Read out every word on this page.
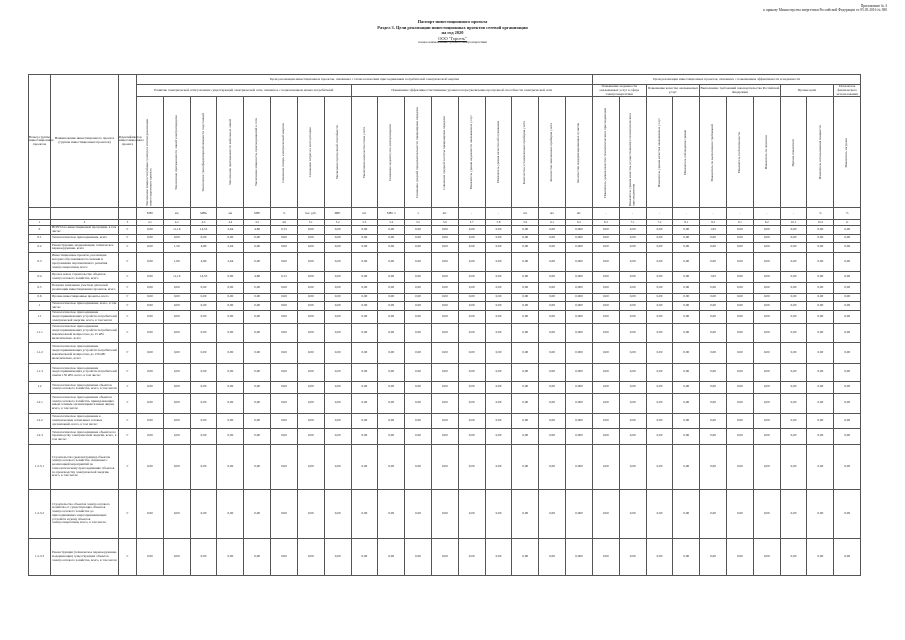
Приложение № 3
к приказу Министерства энергетики Российской Федерации от 05.05.2016 № 380
Паспорт инвестиционного проекта
Раздел 3. Цели реализации инвестиционных проектов сетевой организации
на год 2020
ООО "Горсеть"
полное наименование субъекта электроэнергетики
Номер группы инвестиционных проектов	Наименование инвестиционного проекта (группы инвестиционных проектов)	Идентификатор инвестиционного проекта	Цели реализации инвестиционных проектов, связанных с технологическим присоединением потребителей электрической энергии																	Цели реализации инвестиционных проектов, связанных с повышением эффективности и надежности									
			Развитие электрической сети/усиление существующей электрической сети, связанное с подключением новых потребителей								Повышение эффективности/снижение уровня потерь/увеличение пропускной способности электрической сети									Повышение надежности оказываемых услуг в сфере электроэнергетики		Повышение качества оказываемых услуг		Выполнение требований законодательства Российской Федерации			Прочие цели		Показатель фактического использования

			Увеличение мощности (общая сумма) по итогам реализации инвестиционного проекта	Увеличение протяженности линий электропередачи	Увеличение трансформаторной мощности подстанций	Увеличение протяженности кабельных линий	Увеличение мощности, присоединяемой к сети	Снижение потерь электрической энергии	Снижение затрат на эксплуатацию	Увеличение пропускной способности	Увеличение количества точек учета	Снижение недоотпуска электроэнергии	Снижение средней продолжительности прекращения передачи	Снижение средней частоты прекращения передачи	Показатель уровня надежности оказываемых услуг	Показатель уровня качества обслуживания	Количество установленных приборов учета	Количество замененных приборов учета	Количество модернизированных пунктов	Показатель уровня качества технологического присоединения	Показатель уровня качества осуществляемого технологического присоединения	Показатель уровня качества оказываемых услуг	Показатель соблюдения сроков	Показатель по выполнению требований	Показатель по безопасности	Показатель по экологии	Прочие показатели	Показатель использования мощности	Показатель загрузки

			МВт	км	МВА	км	МВт	%	тыс. руб.	МВт	шт.	МВт·ч	ч	шт.	-	-	шт.	шт.	шт.	-	-	-	-	-	-	-	-	%	%
1	2	3	4.1	4.2	4.3	4.4	4.5	4.6	5.1	5.2	5.3	5.4	5.5	5.6	5.7	5.8	5.9	6.1	6.2	6.3	7.1	7.2	8.1	8.2	9.1	9.2	10.1	10.2	11
0	ВСЕГО по инвестиционной программе, в том числе:	Г	0,00	11,16	14,53	2,64	4,80	0,15	0,00	0,00	0,00	0,00	0,00	0,00	0,00	0,00	0,00	0,00	0,000	0,00	0,00	0,00	0,00	1,65	0,00	0,00	0,00	0,00	0,00
0.1	Технологическое присоединение, всего	Г	0,00	0,00	0,00	0,00	0,00	0,00	0,00	0,00	0,00	0,00	0,00	0,00	0,00	0,00	0,00	0,00	0,000	0,00	0,00	0,00	0,00	0,00	0,00	0,00	0,00	0,00	0,00
0.2	Реконструкция, модернизация, техническое перевооружение, всего	Г	0,00	1,50	4,80	2,64	0,00	0,00	0,00	0,00	0,00	0,00	0,00	0,00	0,00	0,00	0,00	0,00	0,000	0,00	0,00	0,00	0,00	0,00	0,00	0,00	0,00	0,00	0,00
0.3	Инвестиционные проекты, реализация которых обуславливается схемами и программами перспективного развития электроэнергетики, всего	Г	0,00	1,66	4,80	2,64	0,00	0,00	0,00	0,00	0,00	0,00	0,00	0,00	0,00	0,00	0,00	0,00	0,000	0,00	0,00	0,00	0,00	0,00	0,00	0,00	0,00	0,00	0,00
0.4	Прочее новое строительство объектов электросетевого хозяйства, всего	Г	0,00	11,16	14,53	0,00	4,80	0,15	0,00	0,00	0,00	0,00	0,00	0,00	0,00	0,00	0,00	0,00	0,000	0,00	0,00	0,00	0,00	1,65	0,00	0,00	0,00	0,00	0,00
0.5	Покупка земельных участков для целей реализации инвестиционных проектов, всего	Г	0,00	0,00	0,00	0,00	0,00	0,00	0,00	0,00	0,00	0,00	0,00	0,00	0,00	0,00	0,00	0,00	0,000	0,00	0,00	0,00	0,00	0,00	0,00	0,00	0,00	0,00	0,00
0.6	Прочие инвестиционные проекты, всего	Г	0,00	0,00	0,00	0,00	0,00	0,00	0,00	0,00	0,00	0,00	0,00	0,00	0,00	0,00	0,00	0,00	0,000	0,00	0,00	0,00	0,00	0,00	0,00	0,00	0,00	0,00	0,00
1	Технологическое присоединение, всего, в том числе:	Г	0,00	0,00	0,00	0,00	0,00	0,00	0,00	0,00	0,00	0,00	0,00	0,00	0,00	0,00	0,00	0,00	0,000	0,00	0,00	0,00	0,00	0,00	0,00	0,00	0,00	0,00	0,00
1.1	Технологическое присоединение энергопринимающих устройств потребителей электрической энергии, всего, в том числе:	Г	0,00	0,00	0,00	0,00	0,00	0,00	0,00	0,00	0,00	0,00	0,00	0,00	0,00	0,00	0,00	0,00	0,000	0,00	0,00	0,00	0,00	0,00	0,00	0,00	0,00	0,00	0,00
1.1.1	Технологическое присоединение энергопринимающих устройств потребителей максимальной мощностью до 15 кВт включительно, всего	Г	0,00	0,00	0,00	0,00	0,00	0,00	0,00	0,00	0,00	0,00	0,00	0,00	0,00	0,00	0,00	0,00	0,000	0,00	0,00	0,00	0,00	0,00	0,00	0,00	0,00	0,00	0,00
1.1.2	Технологическое присоединение энергопринимающих устройств потребителей максимальной мощностью до 150 кВт включительно, всего	Г	0,00	0,00	0,00	0,00	0,00	0,00	0,00	0,00	0,00	0,00	0,00	0,00	0,00	0,00	0,00	0,00	0,000	0,00	0,00	0,00	0,00	0,00	0,00	0,00	0,00	0,00	0,00
1.1.3	Технологическое присоединение энергопринимающих устройств потребителей свыше 150 кВт, всего, в том числе:	Г	0,00	0,00	0,00	0,00	0,00	0,00	0,00	0,00	0,00	0,00	0,00	0,00	0,00	0,00	0,00	0,00	0,000	0,00	0,00	0,00	0,00	0,00	0,00	0,00	0,00	0,00	0,00
1.2	Технологическое присоединение объектов электросетевого хозяйства, всего, в том числе:	Г	0,00	0,00	0,00	0,00	0,00	0,00	0,00	0,00	0,00	0,00	0,00	0,00	0,00	0,00	0,00	0,00	0,000	0,00	0,00	0,00	0,00	0,00	0,00	0,00	0,00	0,00	0,00
1.2.1	Технологическое присоединение объектов электросетевого хозяйства, принадлежащих иным сетевым организациям и иным лицам, всего, в том числе:	Г	0,00	0,00	0,00	0,00	0,00	0,00	0,00	0,00	0,00	0,00	0,00	0,00	0,00	0,00	0,00	0,00	0,000	0,00	0,00	0,00	0,00	0,00	0,00	0,00	0,00	0,00	0,00
1.2.2	Технологическое присоединение к электрическим сетям иных сетевых организаций, всего, в том числе:	Г	0,00	0,00	0,00	0,00	0,00	0,00	0,00	0,00	0,00	0,00	0,00	0,00	0,00	0,00	0,00	0,00	0,000	0,00	0,00	0,00	0,00	0,00	0,00	0,00	0,00	0,00	0,00
1.2.3	Технологическое присоединение объектов по производству электрической энергии, всего, в том числе:	Г	0,00	0,00	0,00	0,00	0,00	0,00	0,00	0,00	0,00	0,00	0,00	0,00	0,00	0,00	0,00	0,00	0,000	0,00	0,00	0,00	0,00	0,00	0,00	0,00	0,00	0,00	0,00
1.2.3.1	Строительство (реконструкция) объектов электросетевого хозяйства, связанных с реализацией мероприятий по технологическому присоединению объектов по производству электрической энергии, всего, в том числе:	Г	0,00	0,00	0,00	0,00	0,00	0,00	0,00	0,00	0,00	0,00	0,00	0,00	0,00	0,00	0,00	0,00	0,000	0,00	0,00	0,00	0,00	0,00	0,00	0,00	0,00	0,00	0,00
1.2.3.2	Строительство объектов электросетевого хозяйства от существующих объектов электросетевого хозяйства до присоединяемых энергопринимающих устройств и (или) объектов электроэнергетики, всего, в том числе:	Г	0,00	0,00	0,00	0,00	0,00	0,00	0,00	0,00	0,00	0,00	0,00	0,00	0,00	0,00	0,00	0,00	0,000	0,00	0,00	0,00	0,00	0,00	0,00	0,00	0,00	0,00	0,00
1.2.3.3	Реконструкция (техническое перевооружение, модернизация) существующих объектов электросетевого хозяйства, всего, в том числе:	Г	0,00	0,00	0,00	0,00	0,00	0,00	0,00	0,00	0,00	0,00	0,00	0,00	0,00	0,00	0,00	0,00	0,000	0,00	0,00	0,00	0,00	0,00	0,00	0,00	0,00	0,00	0,00
